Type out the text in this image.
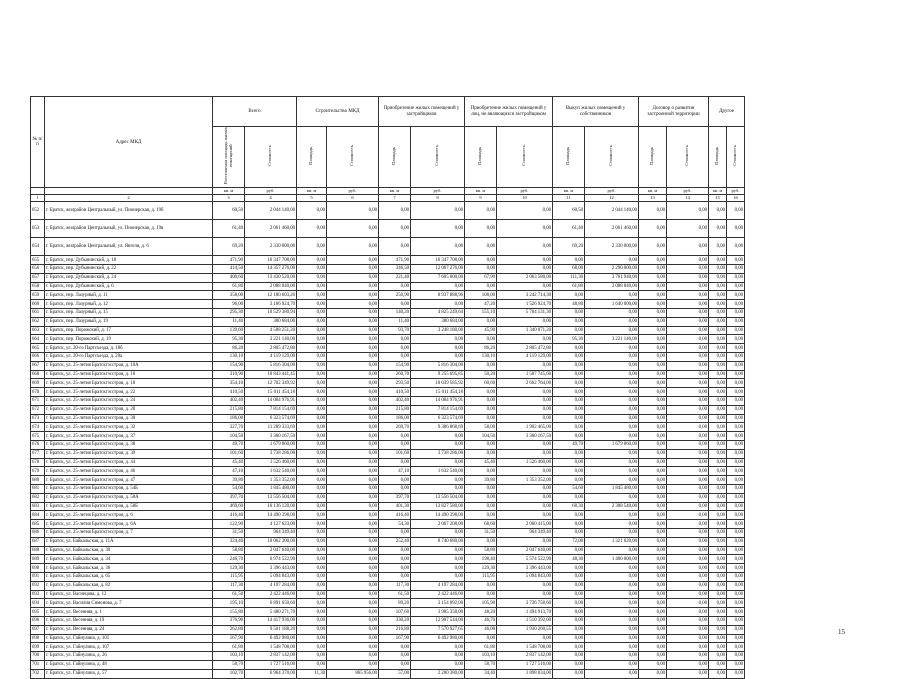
№ п/п	Адрес МКД	Всего		Строительство МКД		Приобретение жилых помещений у застройщиков		Приобретение жилых помещений у лиц, не являющихся застройщиком		Выкуп жилых помещений у собственников		Договор о развитии застроенной территории		Другое	
		Расселяемая площадь жилых помещений	Стоимость	Площадь	Стоимость	Площадь	Стоимость	Площадь	Стоимость	Площадь	Стоимость	Площадь	Стоимость	Площадь	Стоимость
		кв. м	руб.	кв. м	руб.	кв. м	руб.	кв. м	руб.	кв. м	руб.	кв. м	руб.	кв. м	руб.
1	2	3	4	5	6	7	8	9	10	11	12	13	14	15	16
652	г. Братск, жилрайон Центральный, ул. Пионерская, д. 19б	60,50	2 044 140,00	0,00	0,00	0,00	0,00	0,00	0,00	60,50	2 044 140,00	0,00	0,00	0,00	0,00
653	г. Братск, жилрайон Центральный, ул. Пионерская, д. 19в	61,40	2 061 460,00	0,00	0,00	0,00	0,00	0,00	0,00	61,40	2 061 460,00	0,00	0,00	0,00	0,00
654	г. Братск, жилрайон Центральный, ул. Янгеля, д. 6	69,20	2 330 000,00	0,00	0,00	0,00	0,00	0,00	0,00	69,20	2 330 000,00	0,00	0,00	0,00	0,00
655	г. Братск, пер. Дубынинский, д. 18	471,90	16 347 708,00	0,00	0,00	471,90	16 347 708,00	0,00	0,00	0,00	0,00	0,00	0,00	0,00	0,00
656	г. Братск, пер. Дубынинский, д. 22	414,50	14 357 276,00	0,00	0,00	346,50	12 067 276,00	0,00	0,00	68,00	2 290 000,00	0,00	0,00	0,00	0,00
657	г. Братск, пер. Дубынинский, д. 24	400,60	13 430 520,00	0,00	0,00	221,40	7 605 000,00	67,90	2 063 580,00	111,30	3 761 940,00	0,00	0,00	0,00	0,00
658	г. Братск, пер. Дубынинский, д. 6	61,80	2 088 840,00	0,00	0,00	0,00	0,00	0,00	0,00	61,80	2 088 840,00	0,00	0,00	0,00	0,00
659	г. Братск, пер. Лазурный, д. 11	358,00	12 180 603,26	0,00	0,00	250,90	8 937 888,96	108,00	3 242 714,30	0,00	0,00	0,00	0,00	0,00	0,00
660	г. Братск, пер. Лазурный, д. 12	96,00	3 166 924,70	0,00	0,00	0,00	0,00	47,20	1 526 924,70	48,80	1 640 000,00	0,00	0,00	0,00	0,00
661	г. Братск, пер. Лазурный, д. 15	295,30	10 529 380,94	0,00	0,00	140,20	4 825 249,64	155,10	5 704 131,30	0,00	0,00	0,00	0,00	0,00	0,00
662	г. Братск, пер. Лазурный, д. 19	11,40	380 684,00	0,00	0,00	11,40	380 684,00	0,00	0,00	0,00	0,00	0,00	0,00	0,00	0,00
663	г. Братск, пер. Порожский, д. 17	139,60	4 588 251,20	0,00	0,00	93,70	3 248 180,00	45,90	1 340 071,20	0,00	0,00	0,00	0,00	0,00	0,00
664	г. Братск, пер. Порожский, д. 19	95,30	3 221 140,00	0,00	0,00	0,00	0,00	0,00	0,00	95,30	3 221 140,00	0,00	0,00	0,00	0,00
665	г. Братск, ул. 20-го Партсъезда, д. 18б	86,20	2 805 472,80	0,00	0,00	0,00	0,00	86,20	2 805 472,80	0,00	0,00	0,00	0,00	0,00	0,00
666	г. Братск, ул. 20-го Партсъезда, д. 20а	130,10	4 119 129,00	0,00	0,00	0,00	0,00	130,10	4 119 129,00	0,00	0,00	0,00	0,00	0,00	0,00
667	г. Братск, ул. 25-летия Братскгэсстроя, д. 10А	154,90	5 816 304,00	0,00	0,00	154,90	5 816 304,00	0,00	0,00	0,00	0,00	0,00	0,00	0,00	0,00
668	г. Братск, ул. 25-летия Братскгэсстроя, д. 16	310,90	10 843 441,45	0,00	0,00	260,70	9 255 695,85	50,20	1 587 745,60	0,00	0,00	0,00	0,00	0,00	0,00
669	г. Братск, ул. 25-летия Братскгэсстроя, д. 18	354,10	12 702 349,92	0,00	0,00	293,50	10 039 585,92	60,60	2 662 764,00	0,00	0,00	0,00	0,00	0,00	0,00
670	г. Братск, ул. 25-летия Братскгэсстроя, д. 22	410,50	15 011 454,18	0,00	0,00	410,50	15 011 454,18	0,00	0,00	0,00	0,00	0,00	0,00	0,00	0,00
671	г. Братск, ул. 25-летия Братскгэсстроя, д. 24	402,40	14 084 976,91	0,00	0,00	402,40	14 084 976,91	0,00	0,00	0,00	0,00	0,00	0,00	0,00	0,00
672	г. Братск, ул. 25-летия Братскгэсстроя, д. 28	215,80	7 814 154,69	0,00	0,00	215,80	7 814 154,69	0,00	0,00	0,00	0,00	0,00	0,00	0,00	0,00
673	г. Братск, ул. 25-летия Братскгэсстроя, д. 30	186,00	6 323 574,69	0,00	0,00	186,00	6 323 574,69	0,00	0,00	0,00	0,00	0,00	0,00	0,00	0,00
674	г. Братск, ул. 25-летия Братскгэсстроя, д. 32	327,70	11 289 333,69	0,00	0,00	269,70	9 386 868,69	58,00	1 902 465,00	0,00	0,00	0,00	0,00	0,00	0,00
675	г. Братск, ул. 25-летия Братскгэсстроя, д. 37	104,50	3 360 167,50	0,00	0,00	0,00	0,00	104,50	3 360 167,50	0,00	0,00	0,00	0,00	0,00	0,00
676	г. Братск, ул. 25-летия Братскгэсстроя, д. 38	49,70	1 679 860,00	0,00	0,00	0,00	0,00	0,00	0,00	49,70	1 679 860,00	0,00	0,00	0,00	0,00
677	г. Братск, ул. 25-летия Братскгэсстроя, д. 39	101,60	3 738 286,00	0,00	0,00	101,60	3 738 286,00	0,00	0,00	0,00	0,00	0,00	0,00	0,00	0,00
678	г. Братск, ул. 25-летия Братскгэсстроя, д. 44	45,40	1 526 460,00	0,00	0,00	0,00	0,00	45,40	1 526 460,00	0,00	0,00	0,00	0,00	0,00	0,00
679	г. Братск, ул. 25-летия Братскгэсстроя, д. 46	47,10	1 632 540,00	0,00	0,00	47,10	1 632 540,00	0,00	0,00	0,00	0,00	0,00	0,00	0,00	0,00
680	г. Братск, ул. 25-летия Братскгэсстроя, д. 47	39,80	1 353 352,00	0,00	0,00	0,00	0,00	39,80	1 353 352,00	0,00	0,00	0,00	0,00	0,00	0,00
681	г. Братск, ул. 25-летия Братскгэсстроя, д. 54Б	54,60	1 845 480,00	0,00	0,00	0,00	0,00	0,00	0,00	54,60	1 845 480,00	0,00	0,00	0,00	0,00
682	г. Братск, ул. 25-летия Братскгэсстроя, д. 58А	397,70	13 556 504,00	0,00	0,00	397,70	13 556 504,00	0,00	0,00	0,00	0,00	0,00	0,00	0,00	0,00
683	г. Братск, ул. 25-летия Братскгэсстроя, д. 58Б	469,60	16 136 120,00	0,00	0,00	401,30	13 827 580,00	0,00	0,00	68,30	2 308 540,00	0,00	0,00	0,00	0,00
684	г. Братск, ул. 25-летия Братскгэсстроя, д. 6	416,40	14 490 398,00	0,00	0,00	416,40	14 490 398,00	0,00	0,00	0,00	0,00	0,00	0,00	0,00	0,00
685	г. Братск, ул. 25-летия Братскгэсстроя, д. 6А	122,90	4 127 623,00	0,00	0,00	54,30	2 067 208,00	68,60	2 060 415,00	0,00	0,00	0,00	0,00	0,00	0,00
686	г. Братск, ул. 25-летия Братскгэсстроя, д. 7	31,50	964 349,40	0,00	0,00	0,00	0,00	31,50	964 349,40	0,00	0,00	0,00	0,00	0,00	0,00
687	г. Братск, ул. Байкальская, д. 11А	324,40	10 062 300,00	0,00	0,00	252,40	8 740 680,00	0,00	0,00	72,00	1 321 620,00	0,00	0,00	0,00	0,00
688	г. Братск, ул. Байкальская, д. 30	58,80	2 047 640,00	0,00	0,00	0,00	0,00	58,80	2 047 640,00	0,00	0,00	0,00	0,00	0,00	0,00
689	г. Братск, ул. Байкальская, д. 34	246,70	6 974 522,90	0,00	0,00	0,00	0,00	198,40	5 574 522,90	48,30	1 400 000,00	0,00	0,00	0,00	0,00
690	г. Братск, ул. Байкальская, д. 36	129,30	3 396 443,00	0,00	0,00	0,00	0,00	129,30	3 396 443,00	0,00	0,00	0,00	0,00	0,00	0,00
691	г. Братск, ул. Байкальская, д. 65	115,95	5 094 843,00	0,00	0,00	0,00	0,00	115,95	5 094 843,00	0,00	0,00	0,00	0,00	0,00	0,00
692	г. Братск, ул. Байкальская, д. 82	117,30	4 197 284,00	0,00	0,00	117,30	4 197 284,00	0,00	0,00	0,00	0,00	0,00	0,00	0,00	0,00
693	г. Братск, ул. Васнецова, д. 12	61,50	2 422 446,00	0,00	0,00	61,50	2 422 446,00	0,00	0,00	0,00	0,00	0,00	0,00	0,00	0,00
694	г. Братск, ул. Василия Симонова, д. 7	195,10	6 891 650,60	0,00	0,00	89,20	3 154 892,00	105,90	3 736 758,60	0,00	0,00	0,00	0,00	0,00	0,00
695	г. Братск, ул. Весенняя, д. 1	155,80	5 480 271,70	0,00	0,00	107,60	3 985 358,00	48,20	1 494 913,70	0,00	0,00	0,00	0,00	0,00	0,00
696	г. Братск, ул. Весенняя, д. 19	376,90	14 417 936,00	0,00	0,00	330,20	12 907 544,00	46,70	1 510 392,00	0,00	0,00	0,00	0,00	0,00	0,00
697	г. Братск, ул. Весенняя, д. 24	262,80	9 501 188,20	0,00	0,00	216,80	7 570 927,65	46,00	1 930 260,55	0,00	0,00	0,00	0,00	0,00	0,00
698	г. Братск, ул. Гайнулина, д. 101	167,90	6 492 980,00	0,00	0,00	167,90	6 492 980,00	0,00	0,00	0,00	0,00	0,00	0,00	0,00	0,00
699	г. Братск, ул. Гайнулина, д. 107	61,80	1 548 708,00	0,00	0,00	0,00	0,00	61,80	1 548 708,00	0,00	0,00	0,00	0,00	0,00	0,00
700	г. Братск, ул. Гайнулина, д. 26	103,10	2 837 142,00	0,00	0,00	0,00	0,00	103,10	2 837 142,00	0,00	0,00	0,00	0,00	0,00	0,00
701	г. Братск, ул. Гайнулина, д. 48	58,70	1 727 516,00	0,00	0,00	0,00	0,00	58,70	1 727 516,00	0,00	0,00	0,00	0,00	0,00	0,00
702	г. Братск, ул. Гайнулина, д. 57	102,70	6 964 370,00	11,30	865 956,00	57,00	2 200 380,00	34,40	1 898 034,00	0,00	0,00	0,00	0,00	0,00	0,00
15
